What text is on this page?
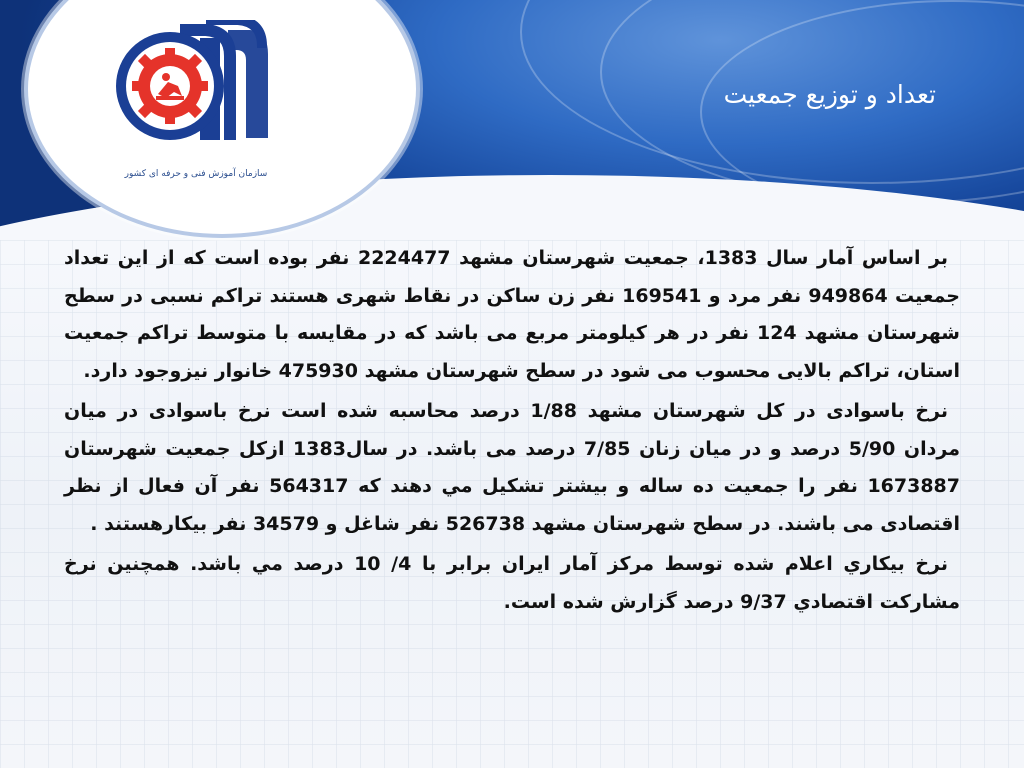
سازمان آموزش فنی و حرفه ای کشور
تعداد و توزیع جمعیت

بر اساس آمار سال 1383، جمعیت شهرستان مشهد 2224477 نفر بوده است که از این تعداد جمعیت 949864 نفر مرد و 169541 نفر زن ساکن در نقاط شهری هستند تراکم نسبی در سطح شهرستان مشهد 124 نفر در هر کیلومتر مربع می باشد که در مقایسه با متوسط تراکم جمعیت استان، تراکم بالایی محسوب می شود در سطح شهرستان مشهد 475930 خانوار نیزوجود دارد.

نرخ باسوادی در کل شهرستان مشهد 1/88 درصد محاسبه شده است نرخ باسوادی در میان مردان 5/90 درصد و در میان زنان 7/85 درصد می باشد. در سال1383 ازکل جمعیت شهرستان 1673887 نفر را جمعیت ده ساله و بیشتر تشکیل مي دهند که 564317 نفر آن فعال از نظر اقتصادی می باشند. در سطح شهرستان مشهد 526738 نفر شاغل و 34579 نفر بیکارهستند .

نرخ بیکاري اعلام شده توسط مرکز آمار ایران برابر با 4/ 10 درصد مي باشد. همچنین نرخ مشارکت اقتصادي 9/37 درصد گزارش شده است.
